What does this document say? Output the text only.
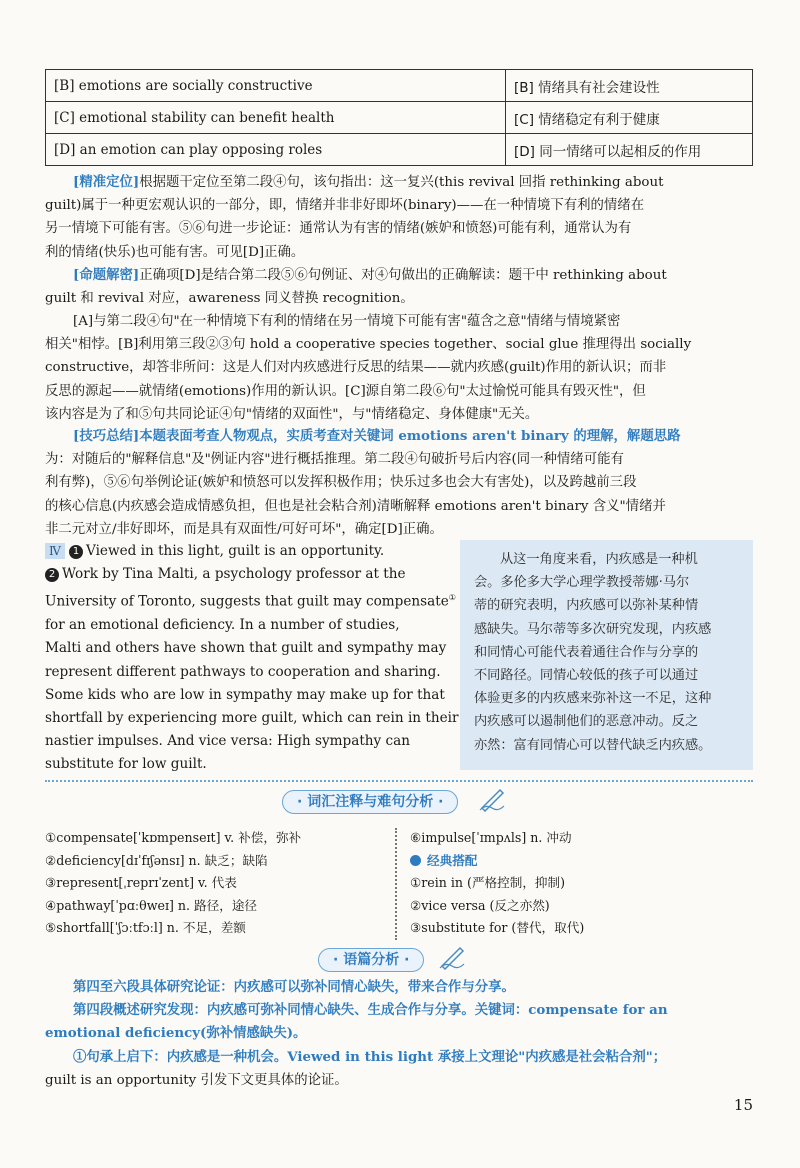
[B] emotions are socially constructive	[B] 情绪具有社会建设性
[C] emotional stability can benefit health	[C] 情绪稳定有利于健康
[D] an emotion can play opposing roles	[D] 同一情绪可以起相反的作用
[精准定位]根据题干定位至第二段④句，该句指出：这一复兴(this revival 回指 rethinking about
guilt)属于一种更宏观认识的一部分，即，情绪并非非好即坏(binary)——在一种情境下有利的情绪在
另一情境下可能有害。⑤⑥句进一步论证：通常认为有害的情绪(嫉妒和愤怒)可能有利，通常认为有
利的情绪(快乐)也可能有害。可见[D]正确。
[命题解密]正确项[D]是结合第二段⑤⑥句例证、对④句做出的正确解读：题干中 rethinking about
guilt 和 revival 对应，awareness 同义替换 recognition。
[A]与第二段④句"在一种情境下有利的情绪在另一情境下可能有害"蕴含之意"情绪与情境紧密
相关"相悖。[B]利用第三段②③句 hold a cooperative species together、social glue 推理得出 socially
constructive，却答非所问：这是人们对内疚感进行反思的结果——就内疚感(guilt)作用的新认识；而非
反思的源起——就情绪(emotions)作用的新认识。[C]源自第二段⑥句"太过愉悦可能具有毁灭性"，但
该内容是为了和⑤句共同论证④句"情绪的双面性"，与"情绪稳定、身体健康"无关。
[技巧总结]本题表面考查人物观点，实质考查对关键词 emotions aren't binary 的理解，解题思路
为：对随后的"解释信息"及"例证内容"进行概括推理。第二段④句破折号后内容(同一种情绪可能有
利有弊)，⑤⑥句举例论证(嫉妒和愤怒可以发挥积极作用；快乐过多也会大有害处)，以及跨越前三段
的核心信息(内疚感会造成情感负担，但也是社会粘合剂)清晰解释 emotions aren't binary 含义"情绪并
非二元对立/非好即坏，而是具有双面性/可好可坏"，确定[D]正确。
Ⅳ 1 Viewed in this light, guilt is an opportunity.
2 Work by Tina Malti, a psychology professor at the
University of Toronto, suggests that guilt may compensate①
for an emotional deficiency. In a number of studies,
Malti and others have shown that guilt and sympathy may
represent different pathways to cooperation and sharing.
Some kids who are low in sympathy may make up for that
shortfall by experiencing more guilt, which can rein in their
nastier impulses. And vice versa: High sympathy can
substitute for low guilt.
从这一角度来看，内疚感是一种机
会。多伦多大学心理学教授蒂娜·马尔
蒂的研究表明，内疚感可以弥补某种情
感缺失。马尔蒂等多次研究发现，内疚感
和同情心可能代表着通往合作与分享的
不同路径。同情心较低的孩子可以通过
体验更多的内疚感来弥补这一不足，这种
内疚感可以遏制他们的恶意冲动。反之
亦然：富有同情心可以替代缺乏内疚感。
· 词汇注释与难句分析 ·
①compensate[ˈkɒmpenseɪt] v. 补偿，弥补
②deficiency[dɪˈfɪʃənsɪ] n. 缺乏；缺陷
③represent[ˌreprɪˈzent] v. 代表
④pathway[ˈpɑːθweɪ] n. 路径，途径
⑤shortfall[ˈʃɔːtfɔːl] n. 不足，差额
⑥impulse[ˈɪmpʌls] n. 冲动
经典搭配
①rein in (严格控制，抑制)
②vice versa (反之亦然)
③substitute for (替代，取代)
· 语篇分析 ·
第四至六段具体研究论证：内疚感可以弥补同情心缺失，带来合作与分享。
第四段概述研究发现：内疚感可弥补同情心缺失、生成合作与分享。关键词：compensate for an
emotional deficiency(弥补情感缺失)。
①句承上启下：内疚感是一种机会。Viewed in this light 承接上文理论"内疚感是社会粘合剂"；
guilt is an opportunity 引发下文更具体的论证。
15
